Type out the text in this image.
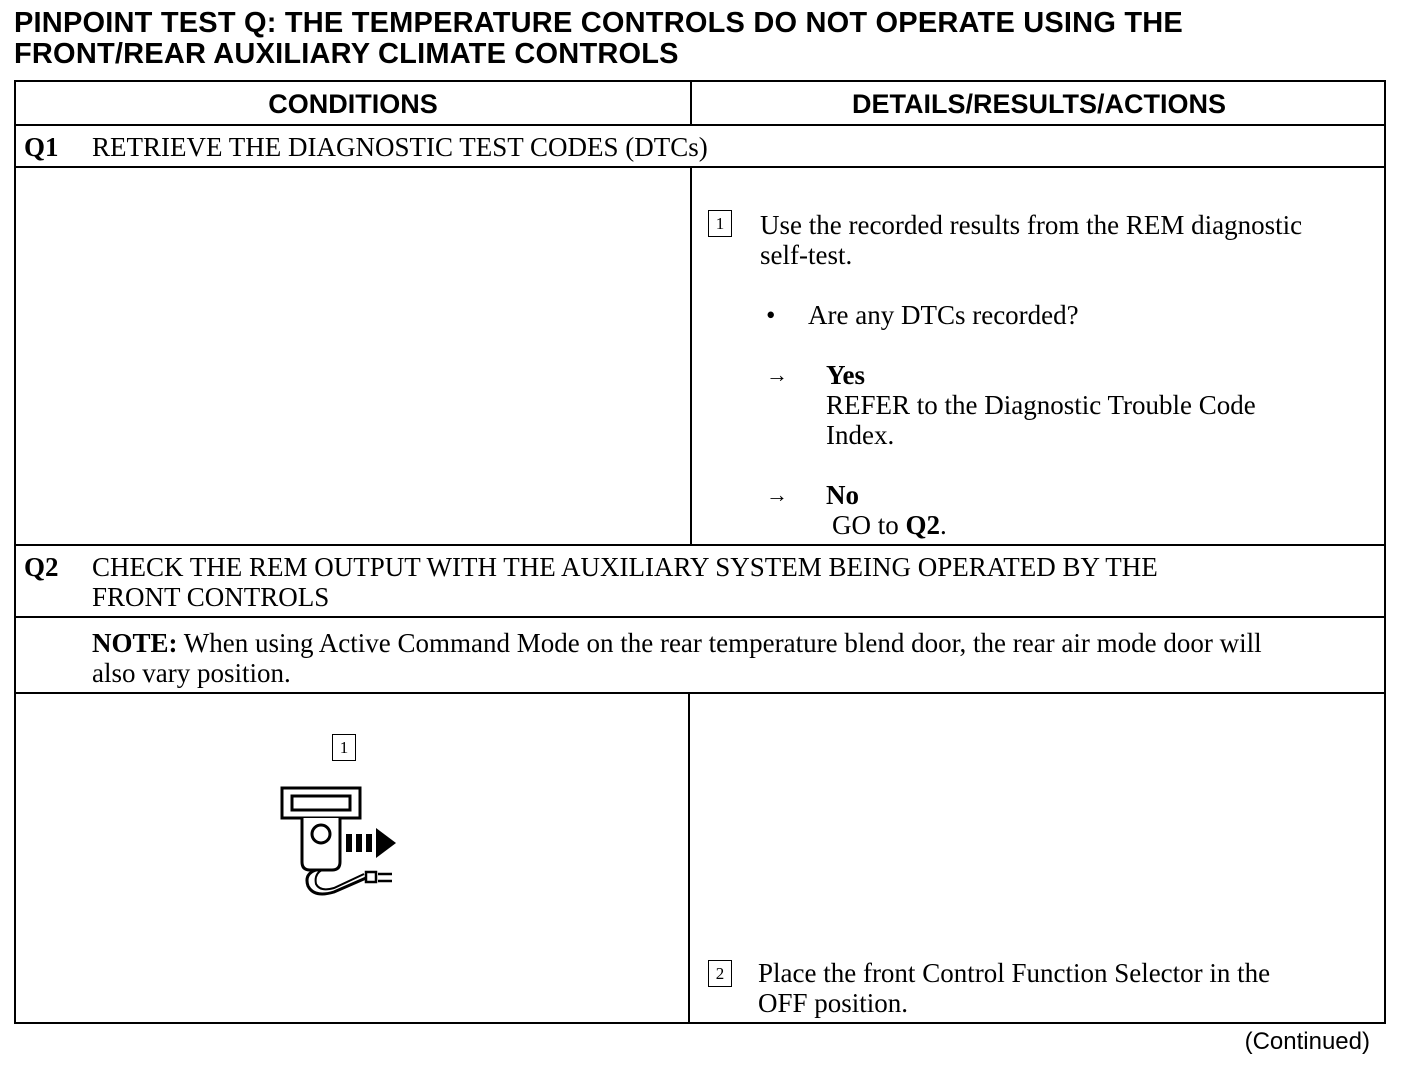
PINPOINT TEST Q: THE TEMPERATURE CONTROLS DO NOT OPERATE USING THE
FRONT/REAR AUXILIARY CLIMATE CONTROLS
CONDITIONS	DETAILS/RESULTS/ACTIONS
Q1 RETRIEVE THE DIAGNOSTIC TEST CODES (DTCs)
1 Use the recorded results from the REM diagnostic
self-test.
• Are any DTCs recorded?
→ Yes
REFER to the Diagnostic Trouble Code
Index.
→ No
GO to Q2.
Q2 CHECK THE REM OUTPUT WITH THE AUXILIARY SYSTEM BEING OPERATED BY THE
FRONT CONTROLS
NOTE: When using Active Command Mode on the rear temperature blend door, the rear air mode door will
also vary position.
1
2 Place the front Control Function Selector in the
OFF position.
(Continued)
